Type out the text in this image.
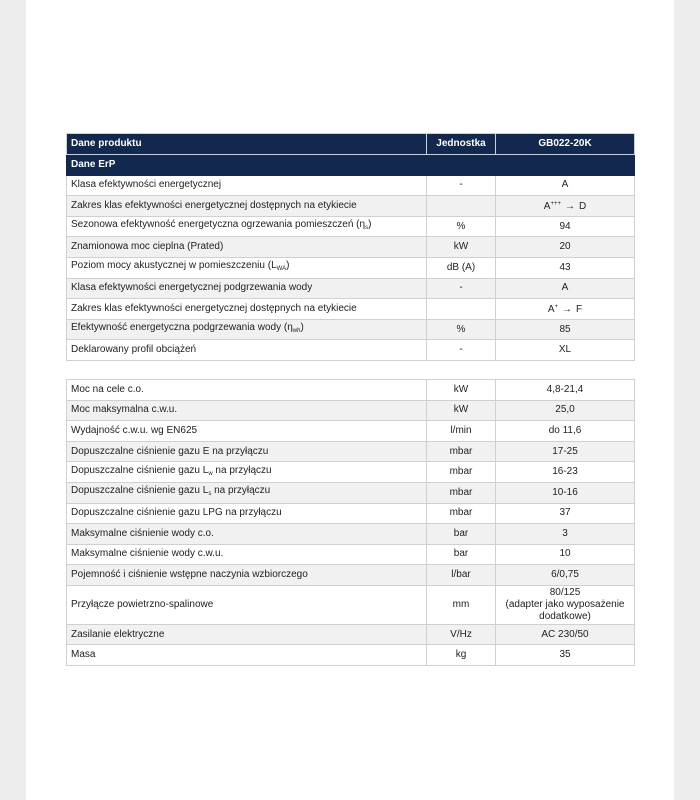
Dane produktu	Jednostka	GB022-20K
Dane ErP		
Klasa efektywności energetycznej	-	A
Zakres klas efektywności energetycznej dostępnych na etykiecie		A+++ → D
Sezonowa efektywność energetyczna ogrzewania pomieszczeń $(\eta_s)$	%	94
Znamionowa moc cieplna (Prated)	kW	20
Poziom mocy akustycznej w pomieszczeniu $(L_{WA})$	dB (A)	43
Klasa efektywności energetycznej podgrzewania wody	-	A
Zakres klas efektywności energetycznej dostępnych na etykiecie		A+ → F
Efektywność energetyczna podgrzewania wody $(\eta_{wh})$	%	85
Deklarowany profil obciążeń	-	XL

Moc na cele c.o.	kW	4,8-21,4
Moc maksymalna c.w.u.	kW	25,0
Wydajność c.w.u. wg EN625	l/min	do 11,6
Dopuszczalne ciśnienie gazu E na przyłączu	mbar	17-25
Dopuszczalne ciśnienie gazu $L_w$ na przyłączu	mbar	16-23
Dopuszczalne ciśnienie gazu $L_s$ na przyłączu	mbar	10-16
Dopuszczalne ciśnienie gazu LPG na przyłączu	mbar	37
Maksymalne ciśnienie wody c.o.	bar	3
Maksymalne ciśnienie wody c.w.u.	bar	10
Pojemność i ciśnienie wstępne naczynia wzbiorczego	l/bar	6/0,75
Przyłącze powietrzno-spalinowe	mm	80/125
(adapter jako wyposażenie
dodatkowe)

Zasilanie elektryczne	V/Hz	AC 230/50
Masa	kg	35
